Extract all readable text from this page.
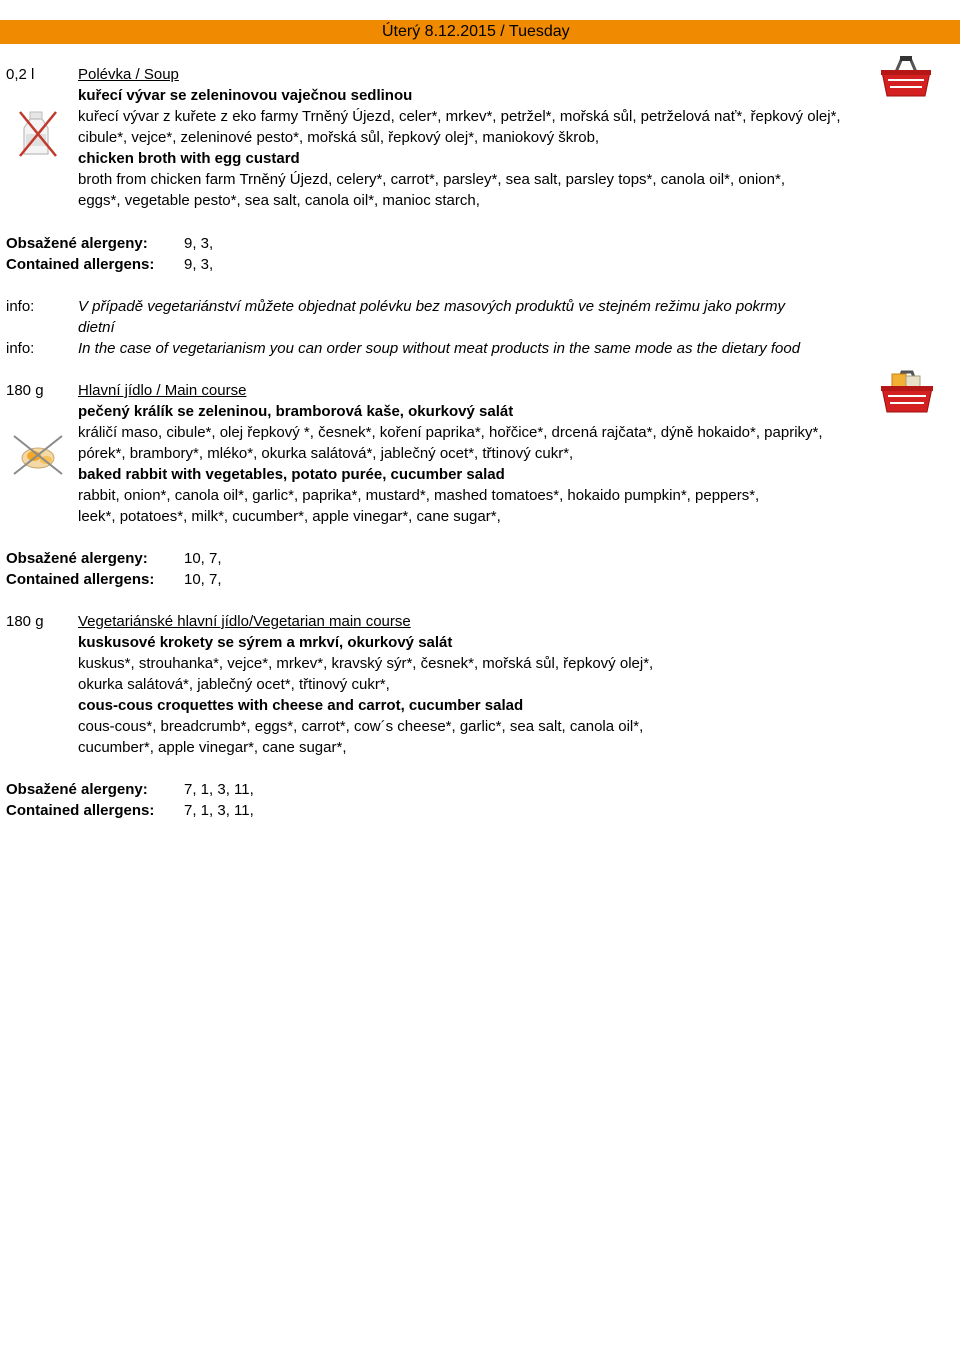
Úterý 8.12.2015 / Tuesday
0,2 l	Polévka / Soup
kuřecí vývar se zeleninovou vaječnou sedlinou
kuřecí vývar z kuřete z eko farmy Trněný Újezd, celer*, mrkev*, petržel*, mořská sůl, petrželová nať*, řepkový olej*,
cibule*, vejce*, zeleninové pesto*, mořská sůl, řepkový olej*, maniokový škrob,
chicken broth with egg custard
broth from chicken farm Trněný Újezd, celery*, carrot*, parsley*, sea salt, parsley tops*, canola oil*, onion*,
eggs*, vegetable pesto*, sea salt, canola oil*, manioc starch,
Obsažené alergeny: 9, 3,
Contained allergens: 9, 3,
info:	V případě vegetariánství můžete objednat polévku bez masových produktů ve stejném režimu jako pokrmy
dietní
info:	In the case of vegetarianism you can order soup without meat products in the same mode as the dietary food
180 g Hlavní jídlo / Main course
pečený králík se zeleninou, bramborová kaše, okurkový salát
králičí maso, cibule*, olej řepkový *, česnek*, koření paprika*, hořčice*, drcená rajčata*, dýně hokaido*, papriky*,
pórek*, brambory*, mléko*, okurka salátová*, jablečný ocet*, třtinový cukr*,
baked rabbit with vegetables, potato purée, cucumber salad
rabbit, onion*, canola oil*, garlic*, paprika*, mustard*, mashed tomatoes*, hokaido pumpkin*, peppers*,
leek*, potatoes*, milk*, cucumber*, apple vinegar*, cane sugar*,
Obsažené alergeny: 10, 7,
Contained allergens: 10, 7,
180 g Vegetariánské hlavní jídlo/Vegetarian main course
kuskusové krokety se sýrem a mrkví, okurkový salát
kuskus*, strouhanka*, vejce*, mrkev*, kravský sýr*, česnek*, mořská sůl, řepkový olej*,
okurka salátová*, jablečný ocet*, třtinový cukr*,
cous-cous croquettes with cheese and carrot, cucumber salad
cous-cous*, breadcrumb*, eggs*, carrot*, cow´s cheese*, garlic*, sea salt, canola oil*,
cucumber*, apple vinegar*, cane sugar*,
Obsažené alergeny: 7, 1, 3, 11,
Contained allergens: 7, 1, 3, 11,
